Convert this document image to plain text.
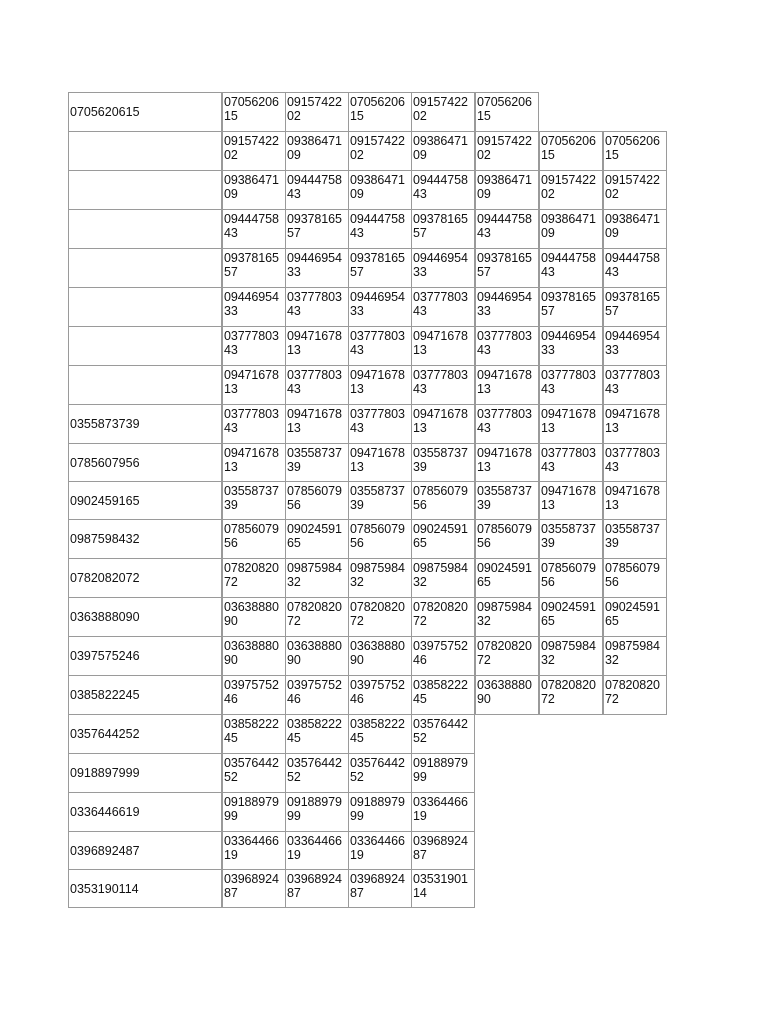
0705620615
07056206
15
09157422
02
07056206
15
09157422
02
07056206
15
09157422
02
09386471
09
09157422
02
09386471
09
09157422
02
07056206
15
07056206
15
09386471
09
09444758
43
09386471
09
09444758
43
09386471
09
09157422
02
09157422
02
09444758
43
09378165
57
09444758
43
09378165
57
09444758
43
09386471
09
09386471
09
09378165
57
09446954
33
09378165
57
09446954
33
09378165
57
09444758
43
09444758
43
09446954
33
03777803
43
09446954
33
03777803
43
09446954
33
09378165
57
09378165
57
03777803
43
09471678
13
03777803
43
09471678
13
03777803
43
09446954
33
09446954
33
09471678
13
03777803
43
09471678
13
03777803
43
09471678
13
03777803
43
03777803
43
0355873739
03777803
43
09471678
13
03777803
43
09471678
13
03777803
43
09471678
13
09471678
13
0785607956
09471678
13
03558737
39
09471678
13
03558737
39
09471678
13
03777803
43
03777803
43
0902459165
03558737
39
07856079
56
03558737
39
07856079
56
03558737
39
09471678
13
09471678
13
0987598432
07856079
56
09024591
65
07856079
56
09024591
65
07856079
56
03558737
39
03558737
39
0782082072
07820820
72
09875984
32
09875984
32
09875984
32
09024591
65
07856079
56
07856079
56
0363888090
03638880
90
07820820
72
07820820
72
07820820
72
09875984
32
09024591
65
09024591
65
0397575246
03638880
90
03638880
90
03638880
90
03975752
46
07820820
72
09875984
32
09875984
32
0385822245
03975752
46
03975752
46
03975752
46
03858222
45
03638880
90
07820820
72
07820820
72
0357644252
03858222
45
03858222
45
03858222
45
03576442
52
0918897999
03576442
52
03576442
52
03576442
52
09188979
99
0336446619
09188979
99
09188979
99
09188979
99
03364466
19
0396892487
03364466
19
03364466
19
03364466
19
03968924
87
0353190114
03968924
87
03968924
87
03968924
87
03531901
14
